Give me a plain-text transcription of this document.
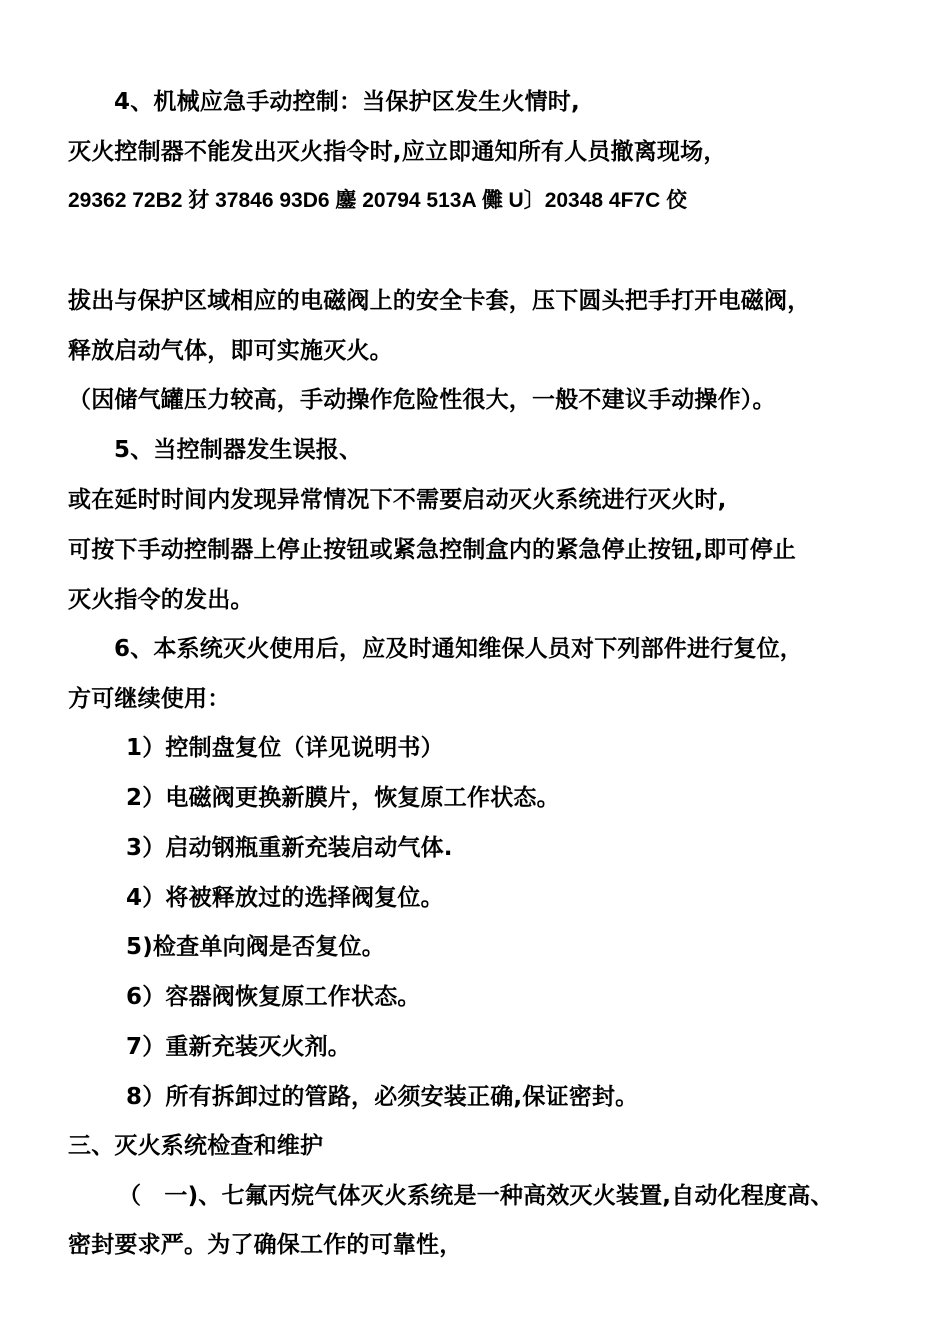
4、机械应急手动控制：当保护区发生火情时,
灭火控制器不能发出灭火指令时,应立即通知所有人员撤离现场，
29362 72B2 犲 37846 93D6 鏖 20794 513A 儺 U〕20348 4F7C 佼
拔出与保护区域相应的电磁阀上的安全卡套，压下圆头把手打开电磁阀，
释放启动气体，即可实施灭火。
（因储气罐压力较高，手动操作危险性很大，一般不建议手动操作）。
5、当控制器发生误报、
或在延时时间内发现异常情况下不需要启动灭火系统进行灭火时,
可按下手动控制器上停止按钮或紧急控制盒内的紧急停止按钮,即可停止
灭火指令的发出。
6、本系统灭火使用后，应及时通知维保人员对下列部件进行复位，
方可继续使用：
1）控制盘复位（详见说明书）
2）电磁阀更换新膜片，恢复原工作状态。
3）启动钢瓶重新充装启动气体.
4）将被释放过的选择阀复位。
5)检查单向阀是否复位。
6）容器阀恢复原工作状态。
7）重新充装灭火剂。
8）所有拆卸过的管路，必须安装正确,保证密封。
三、灭火系统检查和维护
（　一)、七氟丙烷气体灭火系统是一种高效灭火装置,自动化程度高、
密封要求严。为了确保工作的可靠性，
